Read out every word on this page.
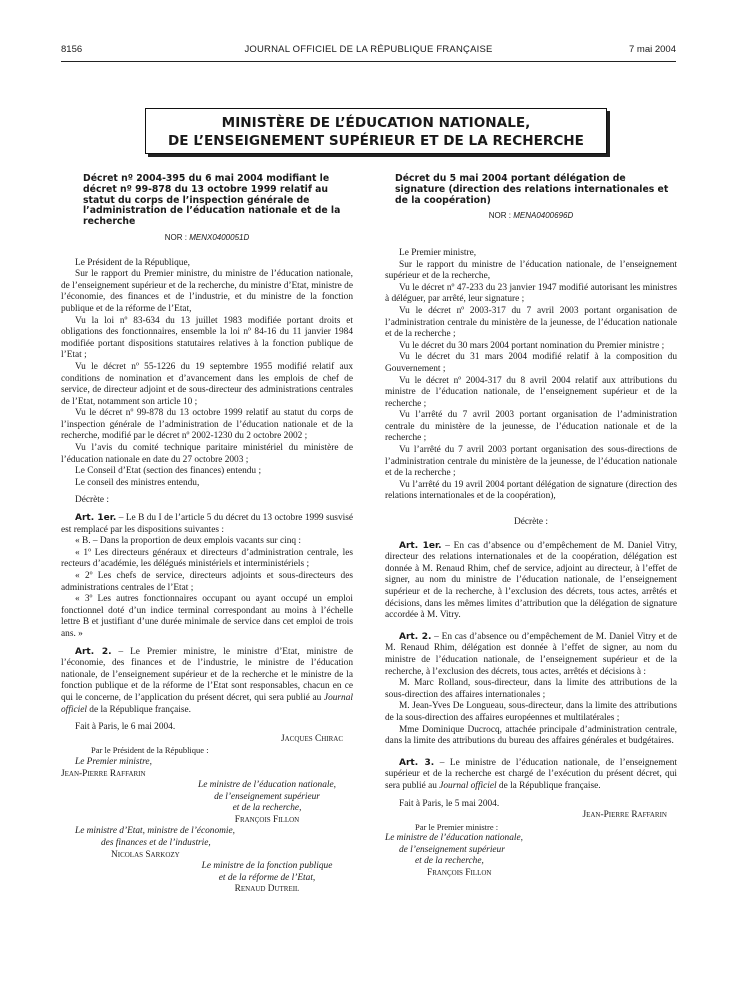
8156	JOURNAL OFFICIEL DE LA RÉPUBLIQUE FRANÇAISE	7 mai 2004
MINISTÈRE DE L’ÉDUCATION NATIONALE,
DE L’ENSEIGNEMENT SUPÉRIEUR ET DE LA RECHERCHE
Décret nº 2004-395 du 6 mai 2004 modifiant le décret nº 99-878 du 13 octobre 1999 relatif au statut du corps de l’inspection générale de l’administration de l’éducation nationale et de la recherche
NOR : MENX0400051D

Le Président de la République,

Sur le rapport du Premier ministre, du ministre de l’éducation nationale, de l’enseignement supérieur et de la recherche, du ministre d’Etat, ministre de l’économie, des finances et de l’industrie, et du ministre de la fonction publique et de la réforme de l’Etat,

Vu la loi nº 83-634 du 13 juillet 1983 modifiée portant droits et obligations des fonctionnaires, ensemble la loi nº 84-16 du 11 janvier 1984 modifiée portant dispositions statutaires relatives à la fonction publique de l’Etat ;

Vu le décret nº 55-1226 du 19 septembre 1955 modifié relatif aux conditions de nomination et d’avancement dans les emplois de chef de service, de directeur adjoint et de sous-directeur des administrations centrales de l’Etat, notamment son article 10 ;

Vu le décret nº 99-878 du 13 octobre 1999 relatif au statut du corps de l’inspection générale de l’administration de l’éducation nationale et de la recherche, modifié par le décret nº 2002-1230 du 2 octobre 2002 ;

Vu l’avis du comité technique paritaire ministériel du ministère de l’éducation nationale en date du 27 octobre 2003 ;

Le Conseil d’Etat (section des finances) entendu ;

Le conseil des ministres entendu,

Décrète :

Art. 1er. – Le B du I de l’article 5 du décret du 13 octobre 1999 susvisé est remplacé par les dispositions suivantes :

« B. – Dans la proportion de deux emplois vacants sur cinq :

« 1º Les directeurs généraux et directeurs d’administration centrale, les recteurs d’académie, les délégués ministériels et interministériels ;

« 2º Les chefs de service, directeurs adjoints et sous-directeurs des administrations centrales de l’Etat ;

« 3º Les autres fonctionnaires occupant ou ayant occupé un emploi fonctionnel doté d’un indice terminal correspondant au moins à l’échelle lettre B et justifiant d’une durée minimale de service dans cet emploi de trois ans. »

Art. 2. – Le Premier ministre, le ministre d’Etat, ministre de l’économie, des finances et de l’industrie, le ministre de l’éducation nationale, de l’enseignement supérieur et de la recherche et le ministre de la fonction publique et de la réforme de l’Etat sont responsables, chacun en ce qui le concerne, de l’application du présent décret, qui sera publié au Journal officiel de la République française.

Fait à Paris, le 6 mai 2004.

Jacques Chirac

Par le Président de la République :

Le Premier ministre,

Jean-Pierre Raffarin

Le ministre de l’éducation nationale,

de l’enseignement supérieur

et de la recherche,

François Fillon

Le ministre d’Etat, ministre de l’économie,

des finances et de l’industrie,

Nicolas Sarkozy

Le ministre de la fonction publique

et de la réforme de l’Etat,

Renaud Dutreil

Décret du 5 mai 2004 portant délégation de signature (direction des relations internationales et de la coopération)
NOR : MENA0400696D

Le Premier ministre,

Sur le rapport du ministre de l’éducation nationale, de l’enseignement supérieur et de la recherche,

Vu le décret nº 47-233 du 23 janvier 1947 modifié autorisant les ministres à déléguer, par arrêté, leur signature ;

Vu le décret nº 2003-317 du 7 avril 2003 portant organisation de l’administration centrale du ministère de la jeunesse, de l’éducation nationale et de la recherche ;

Vu le décret du 30 mars 2004 portant nomination du Premier ministre ;

Vu le décret du 31 mars 2004 modifié relatif à la composition du Gouvernement ;

Vu le décret nº 2004-317 du 8 avril 2004 relatif aux attributions du ministre de l’éducation nationale, de l’enseignement supérieur et de la recherche ;

Vu l’arrêté du 7 avril 2003 portant organisation de l’administration centrale du ministère de la jeunesse, de l’éducation nationale et de la recherche ;

Vu l’arrêté du 7 avril 2003 portant organisation des sous-directions de l’administration centrale du ministère de la jeunesse, de l’éducation nationale et de la recherche ;

Vu l’arrêté du 19 avril 2004 portant délégation de signature (direction des relations internationales et de la coopération),

Décrète :

Art. 1er. – En cas d’absence ou d’empêchement de M. Daniel Vitry, directeur des relations internationales et de la coopération, délégation est donnée à M. Renaud Rhim, chef de service, adjoint au directeur, à l’effet de signer, au nom du ministre de l’éducation nationale, de l’enseignement supérieur et de la recherche, à l’exclusion des décrets, tous actes, arrêtés et décisions, dans les mêmes limites d’attribution que la délégation de signature accordée à M. Vitry.

Art. 2. – En cas d’absence ou d’empêchement de M. Daniel Vitry et de M. Renaud Rhim, délégation est donnée à l’effet de signer, au nom du ministre de l’éducation nationale, de l’enseignement supérieur et de la recherche, à l’exclusion des décrets, tous actes, arrêtés et décisions à :

M. Marc Rolland, sous-directeur, dans la limite des attributions de la sous-direction des affaires internationales ;

M. Jean-Yves De Longueau, sous-directeur, dans la limite des attributions de la sous-direction des affaires européennes et multilatérales ;

Mme Dominique Ducrocq, attachée principale d’administration centrale, dans la limite des attributions du bureau des affaires générales et budgétaires.

Art. 3. – Le ministre de l’éducation nationale, de l’enseignement supérieur et de la recherche est chargé de l’exécution du présent décret, qui sera publié au Journal officiel de la République française.

Fait à Paris, le 5 mai 2004.

Jean-Pierre Raffarin

Par le Premier ministre :

Le ministre de l’éducation nationale,

de l’enseignement supérieur

et de la recherche,

François Fillon
